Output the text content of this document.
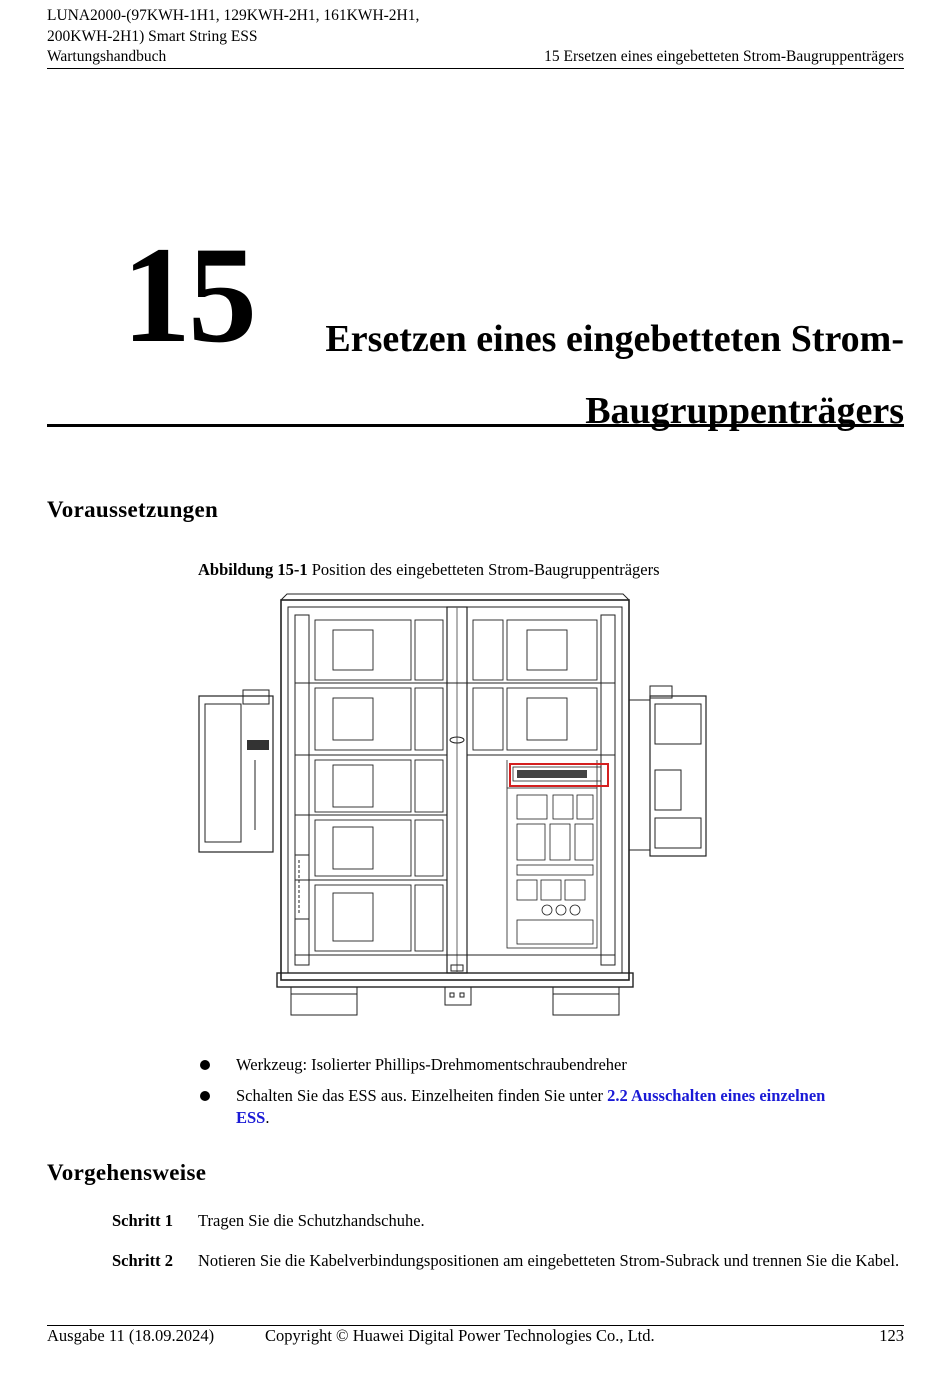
LUNA2000-(97KWH-1H1, 129KWH-2H1, 161KWH-2H1,
200KWH-2H1) Smart String ESS
Wartungshandbuch	15 Ersetzen eines eingebetteten Strom-Baugruppenträgers
15	Ersetzen eines eingebetteten Strom-
Baugruppenträgers
Voraussetzungen
Abbildung 15-1 Position des eingebetteten Strom-Baugruppenträgers
Werkzeug: Isolierter Phillips-Drehmomentschraubendreher
Schalten Sie das ESS aus. Einzelheiten finden Sie unter 2.2 Ausschalten eines einzelnen ESS.
Vorgehensweise
Schritt 1	Tragen Sie die Schutzhandschuhe.
Schritt 2	Notieren Sie die Kabelverbindungspositionen am eingebetteten Strom-Subrack und trennen Sie die Kabel.
Ausgabe 11 (18.09.2024)	Copyright © Huawei Digital Power Technologies Co., Ltd.	123
